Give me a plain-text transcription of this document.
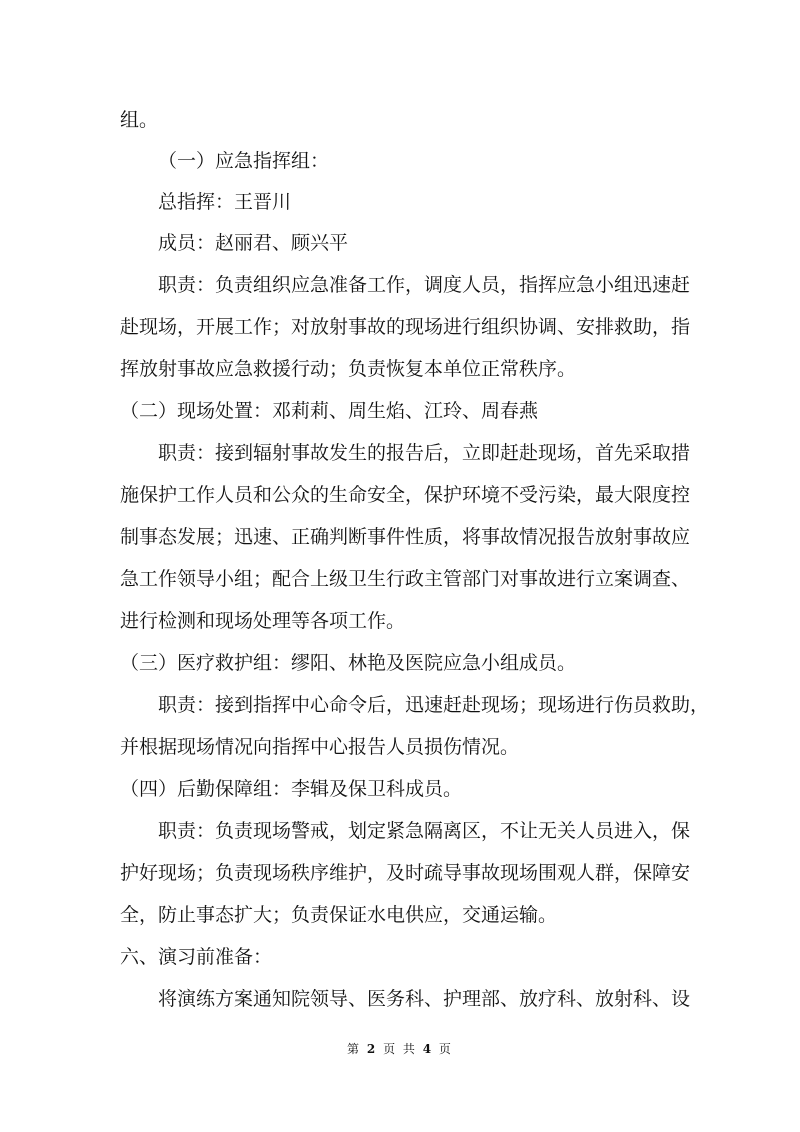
组。
（一）应急指挥组：
总指挥：王晋川
成员：赵丽君、顾兴平
职责：负责组织应急准备工作，调度人员，指挥应急小组迅速赶
赴现场，开展工作；对放射事故的现场进行组织协调、安排救助，指
挥放射事故应急救援行动；负责恢复本单位正常秩序。
（二）现场处置：邓莉莉、周生焰、江玲、周春燕
职责：接到辐射事故发生的报告后，立即赶赴现场，首先采取措
施保护工作人员和公众的生命安全，保护环境不受污染，最大限度控
制事态发展；迅速、正确判断事件性质，将事故情况报告放射事故应
急工作领导小组；配合上级卫生行政主管部门对事故进行立案调查、
进行检测和现场处理等各项工作。
（三）医疗救护组：缪阳、林艳及医院应急小组成员。
职责：接到指挥中心命令后，迅速赶赴现场；现场进行伤员救助，
并根据现场情况向指挥中心报告人员损伤情况。
（四）后勤保障组：李辑及保卫科成员。
职责：负责现场警戒，划定紧急隔离区，不让无关人员进入，保
护好现场；负责现场秩序维护，及时疏导事故现场围观人群，保障安
全，防止事态扩大；负责保证水电供应，交通运输。
六、演习前准备：
将演练方案通知院领导、医务科、护理部、放疗科、放射科、设
第 2 页 共 4 页
